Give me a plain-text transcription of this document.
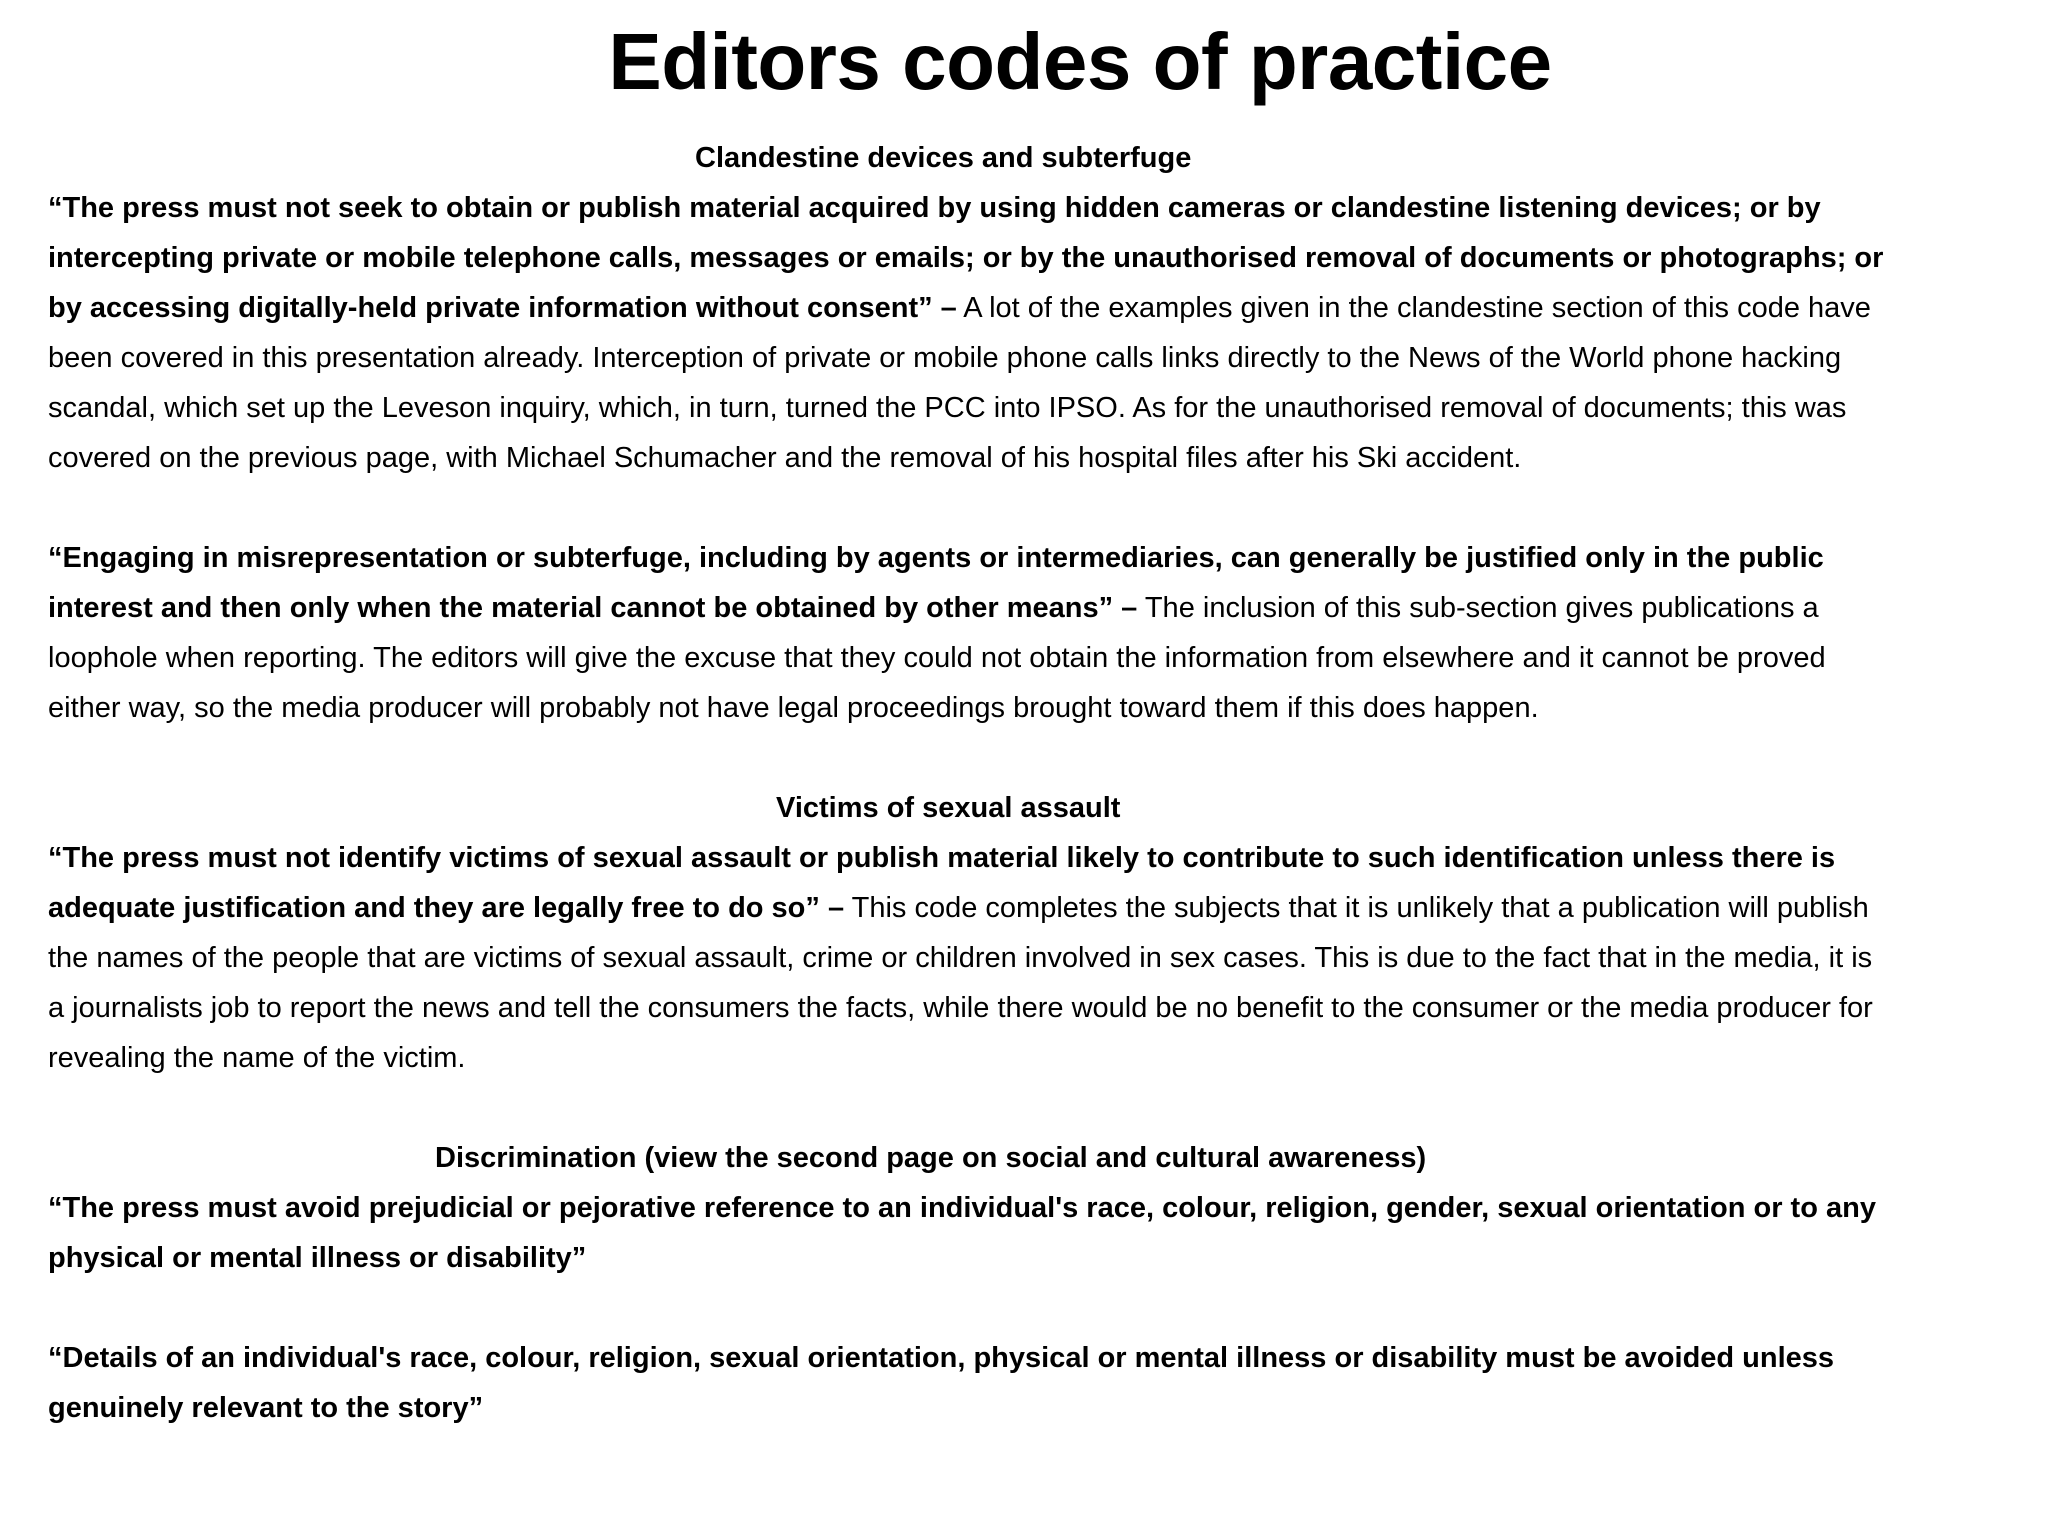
Editors codes of practice
Clandestine devices and subterfuge

“The press must not seek to obtain or publish material acquired by using hidden cameras or clandestine listening devices; or by intercepting private or mobile telephone calls, messages or emails; or by the unauthorised removal of documents or photographs; or by accessing digitally-held private information without consent” – A lot of the examples given in the clandestine section of this code have been covered in this presentation already. Interception of private or mobile phone calls links directly to the News of the World phone hacking scandal, which set up the Leveson inquiry, which, in turn, turned the PCC into IPSO. As for the unauthorised removal of documents; this was covered on the previous page, with Michael Schumacher and the removal of his hospital files after his Ski accident.

“Engaging in misrepresentation or subterfuge, including by agents or intermediaries, can generally be justified only in the public interest and then only when the material cannot be obtained by other means” – The inclusion of this sub-section gives publications a loophole when reporting. The editors will give the excuse that they could not obtain the information from elsewhere and it cannot be proved either way, so the media producer will probably not have legal proceedings brought toward them if this does happen.

Victims of sexual assault

“The press must not identify victims of sexual assault or publish material likely to contribute to such identification unless there is adequate justification and they are legally free to do so” – This code completes the subjects that it is unlikely that a publication will publish the names of the people that are victims of sexual assault, crime or children involved in sex cases. This is due to the fact that in the media, it is a journalists job to report the news and tell the consumers the facts, while there would be no benefit to the consumer or the media producer for revealing the name of the victim.

Discrimination (view the second page on social and cultural awareness)

“The press must avoid prejudicial or pejorative reference to an individual's race, colour, religion, gender, sexual orientation or to any physical or mental illness or disability”

“Details of an individual's race, colour, religion, sexual orientation, physical or mental illness or disability must be avoided unless genuinely relevant to the story”
